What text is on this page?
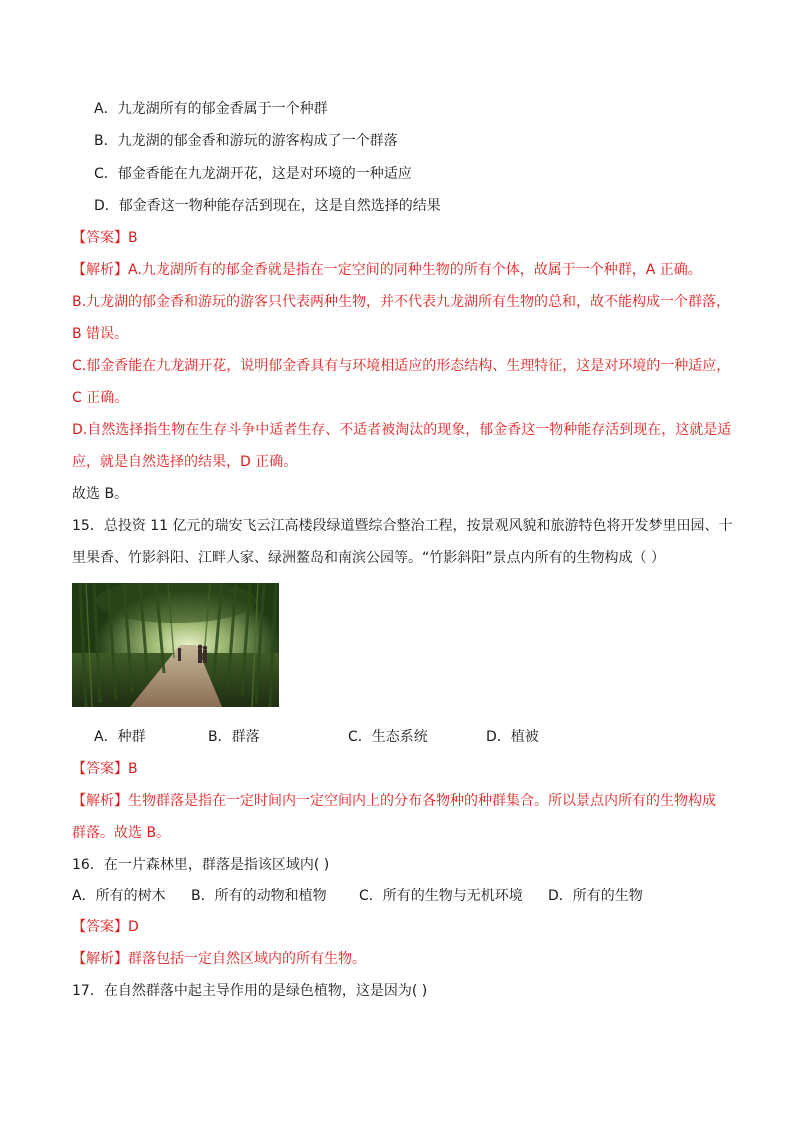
A．九龙湖所有的郁金香属于一个种群
B．九龙湖的郁金香和游玩的游客构成了一个群落
C．郁金香能在九龙湖开花，这是对环境的一种适应
D．郁金香这一物种能存活到现在，这是自然选择的结果
【答案】B
【解析】A.九龙湖所有的郁金香就是指在一定空间的同种生物的所有个体，故属于一个种群，A 正确。
B.九龙湖的郁金香和游玩的游客只代表两种生物，并不代表九龙湖所有生物的总和，故不能构成一个群落，
B 错误。
C.郁金香能在九龙湖开花，说明郁金香具有与环境相适应的形态结构、生理特征，这是对环境的一种适应，
C 正确。
D.自然选择指生物在生存斗争中适者生存、不适者被淘汰的现象，郁金香这一物种能存活到现在，这就是适
应，就是自然选择的结果，D 正确。
故选 B。
15．总投资 11 亿元的瑞安飞云江高楼段绿道暨综合整治工程，按景观风貌和旅游特色将开发梦里田园、十
里果香、竹影斜阳、江畔人家、绿洲鳌岛和南滨公园等。“竹影斜阳”景点内所有的生物构成（ ）
A．种群	B．群落	C．生态系统	D．植被
【答案】B
【解析】生物群落是指在一定时间内一定空间内上的分布各物种的种群集合。所以景点内所有的生物构成
群落。故选 B。
16．在一片森林里，群落是指该区域内( )
A．所有的树木 B．所有的动物和植物 C．所有的生物与无机环境 D．所有的生物
【答案】D
【解析】群落包括一定自然区域内的所有生物。
17．在自然群落中起主导作用的是绿色植物，这是因为( )
